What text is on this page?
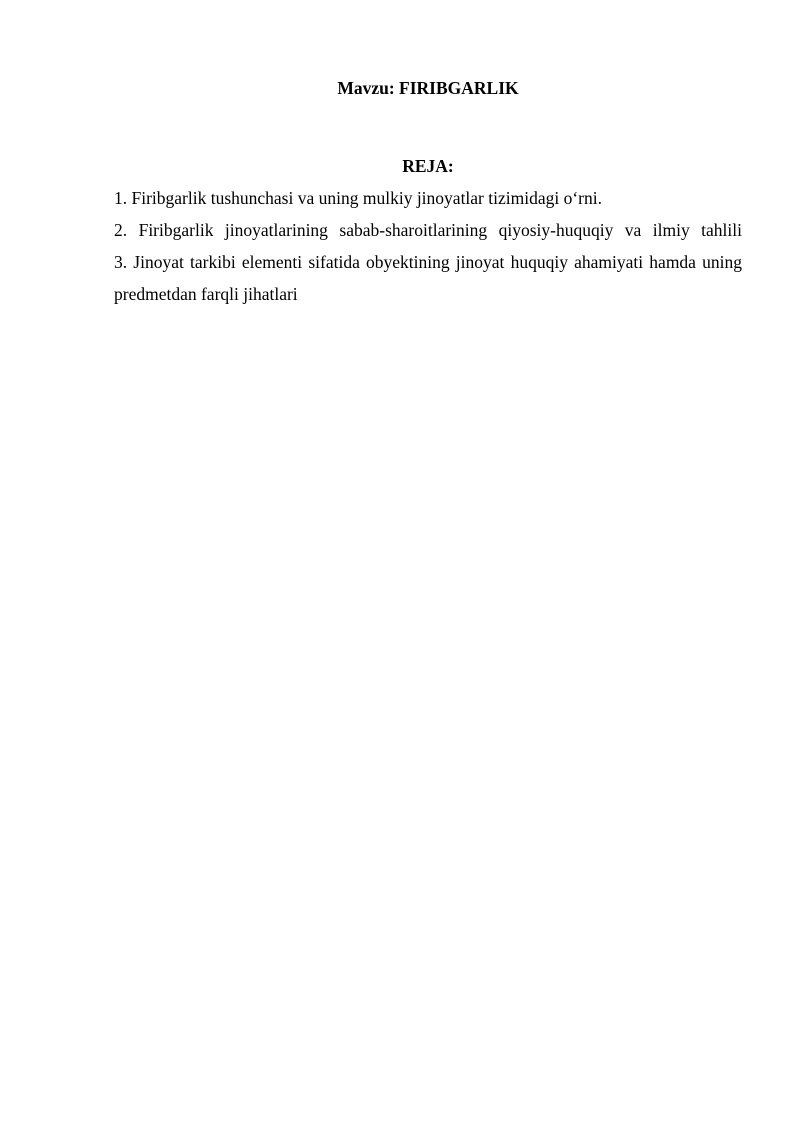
Mavzu: FIRIBGARLIK

REJA:

1. Firibgarlik tushunchasi va uning mulkiy jinoyatlar tizimidagi o‘rni.
2. Firibgarlik jinoyatlarining sabab-sharoitlarining qiyosiy-huquqiy va ilmiy tahlili
3. Jinoyat tarkibi elementi sifatida obyektining jinoyat huquqiy ahamiyati hamda uning predmetdan farqli jihatlari
